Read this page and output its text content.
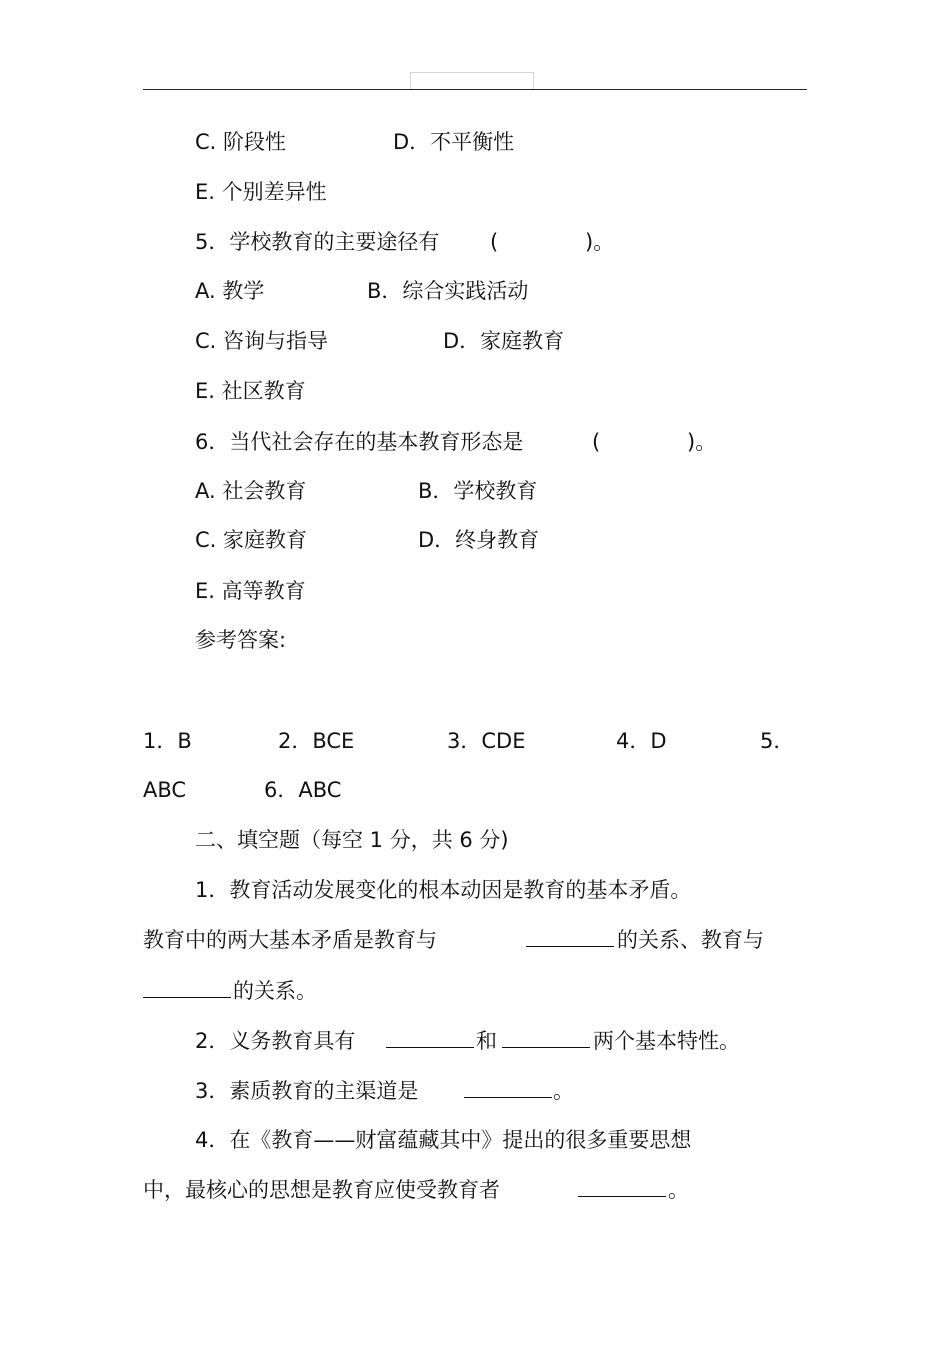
C. 阶段性

	D．不平衡性

E. 个别差异性

5．学校教育的主要途径有

(

	)。

A. 教学

	B．综合实践活动

C. 咨询与指导

	D．家庭教育

E. 社区教育

6．当代社会存在的基本教育形态是

	(

	)。

A. 社会教育

	B．学校教育

C. 家庭教育

	D．终身教育

E. 高等教育

参考答案:

1．B

	2．BCE

	3．CDE

	4．D

	5．

ABC

	6．ABC

二、填空题（每空 1 分，共 6 分)

1．教育活动发展变化的根本动因是教育的基本矛盾。

教育中的两大基本矛盾是教育与

	的关系、教育与

的关系。

2．义务教育具有

	和

	两个基本特性。

3．素质教育的主渠道是

	。

4．在《教育——财富蕴藏其中》提出的很多重要思想

中，最核心的思想是教育应使受教育者

	。
